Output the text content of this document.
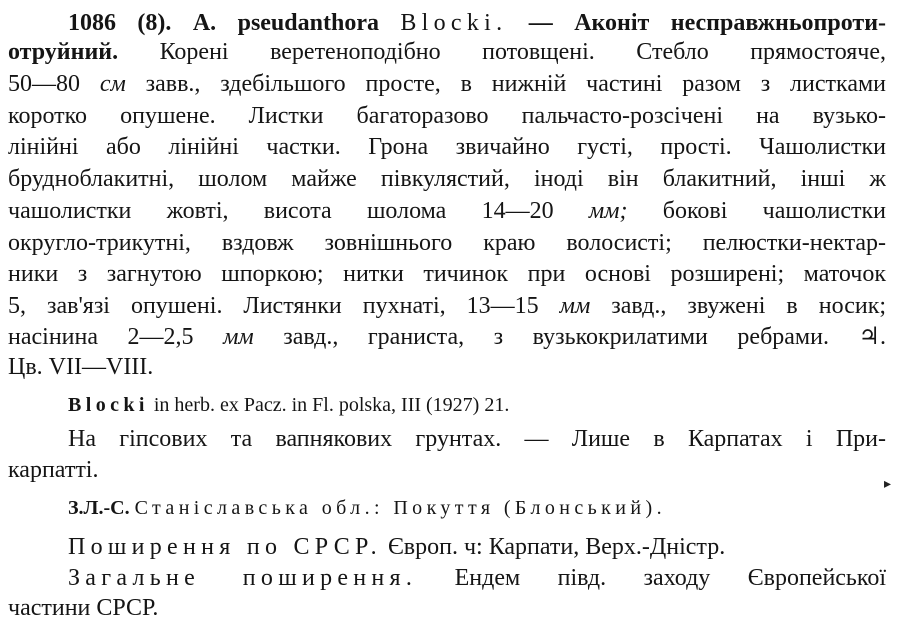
1086 (8). A. pseudanthora Blocki. — Аконіт несправжньопроти-
отруйний. Корені веретеноподібно потовщені. Стебло прямостояче,
50—80 см завв., здебільшого просте, в нижній частині разом з листками
коротко опушене. Листки багаторазово пальчасто-розсічені на вузько-
лінійні або лінійні частки. Грона звичайно густі, прості. Чашолистки
брудноблакитні, шолом майже півкулястий, іноді він блакитний, інші ж
чашолистки жовті, висота шолома 14—20 мм; бокові чашолистки
округло-трикутні, вздовж зовнішнього краю волосисті; пелюстки-нектар-
ники з загнутою шпоркою; нитки тичинок при основі розширені; маточок
5, зав'язі опушені. Листянки пухнаті, 13—15 мм завд., звужені в носик;
насінина 2—2,5 мм завд., граниста, з вузькокрилатими ребрами. ♃.
Цв. VII—VIII.
Blocki in herb. ex Pacz. in Fl. polska, III (1927) 21.
На гіпсових та вапнякових грунтах. — Лише в Карпатах і При-
карпатті.
▸
З.Л.-С. Станіславська обл.: Покуття (Блонський).
Поширення по СРСР. Європ. ч: Карпати, Верх.-Дністр.
Загальне поширення. Ендем півд. заходу Європейської
частини СРСР.
